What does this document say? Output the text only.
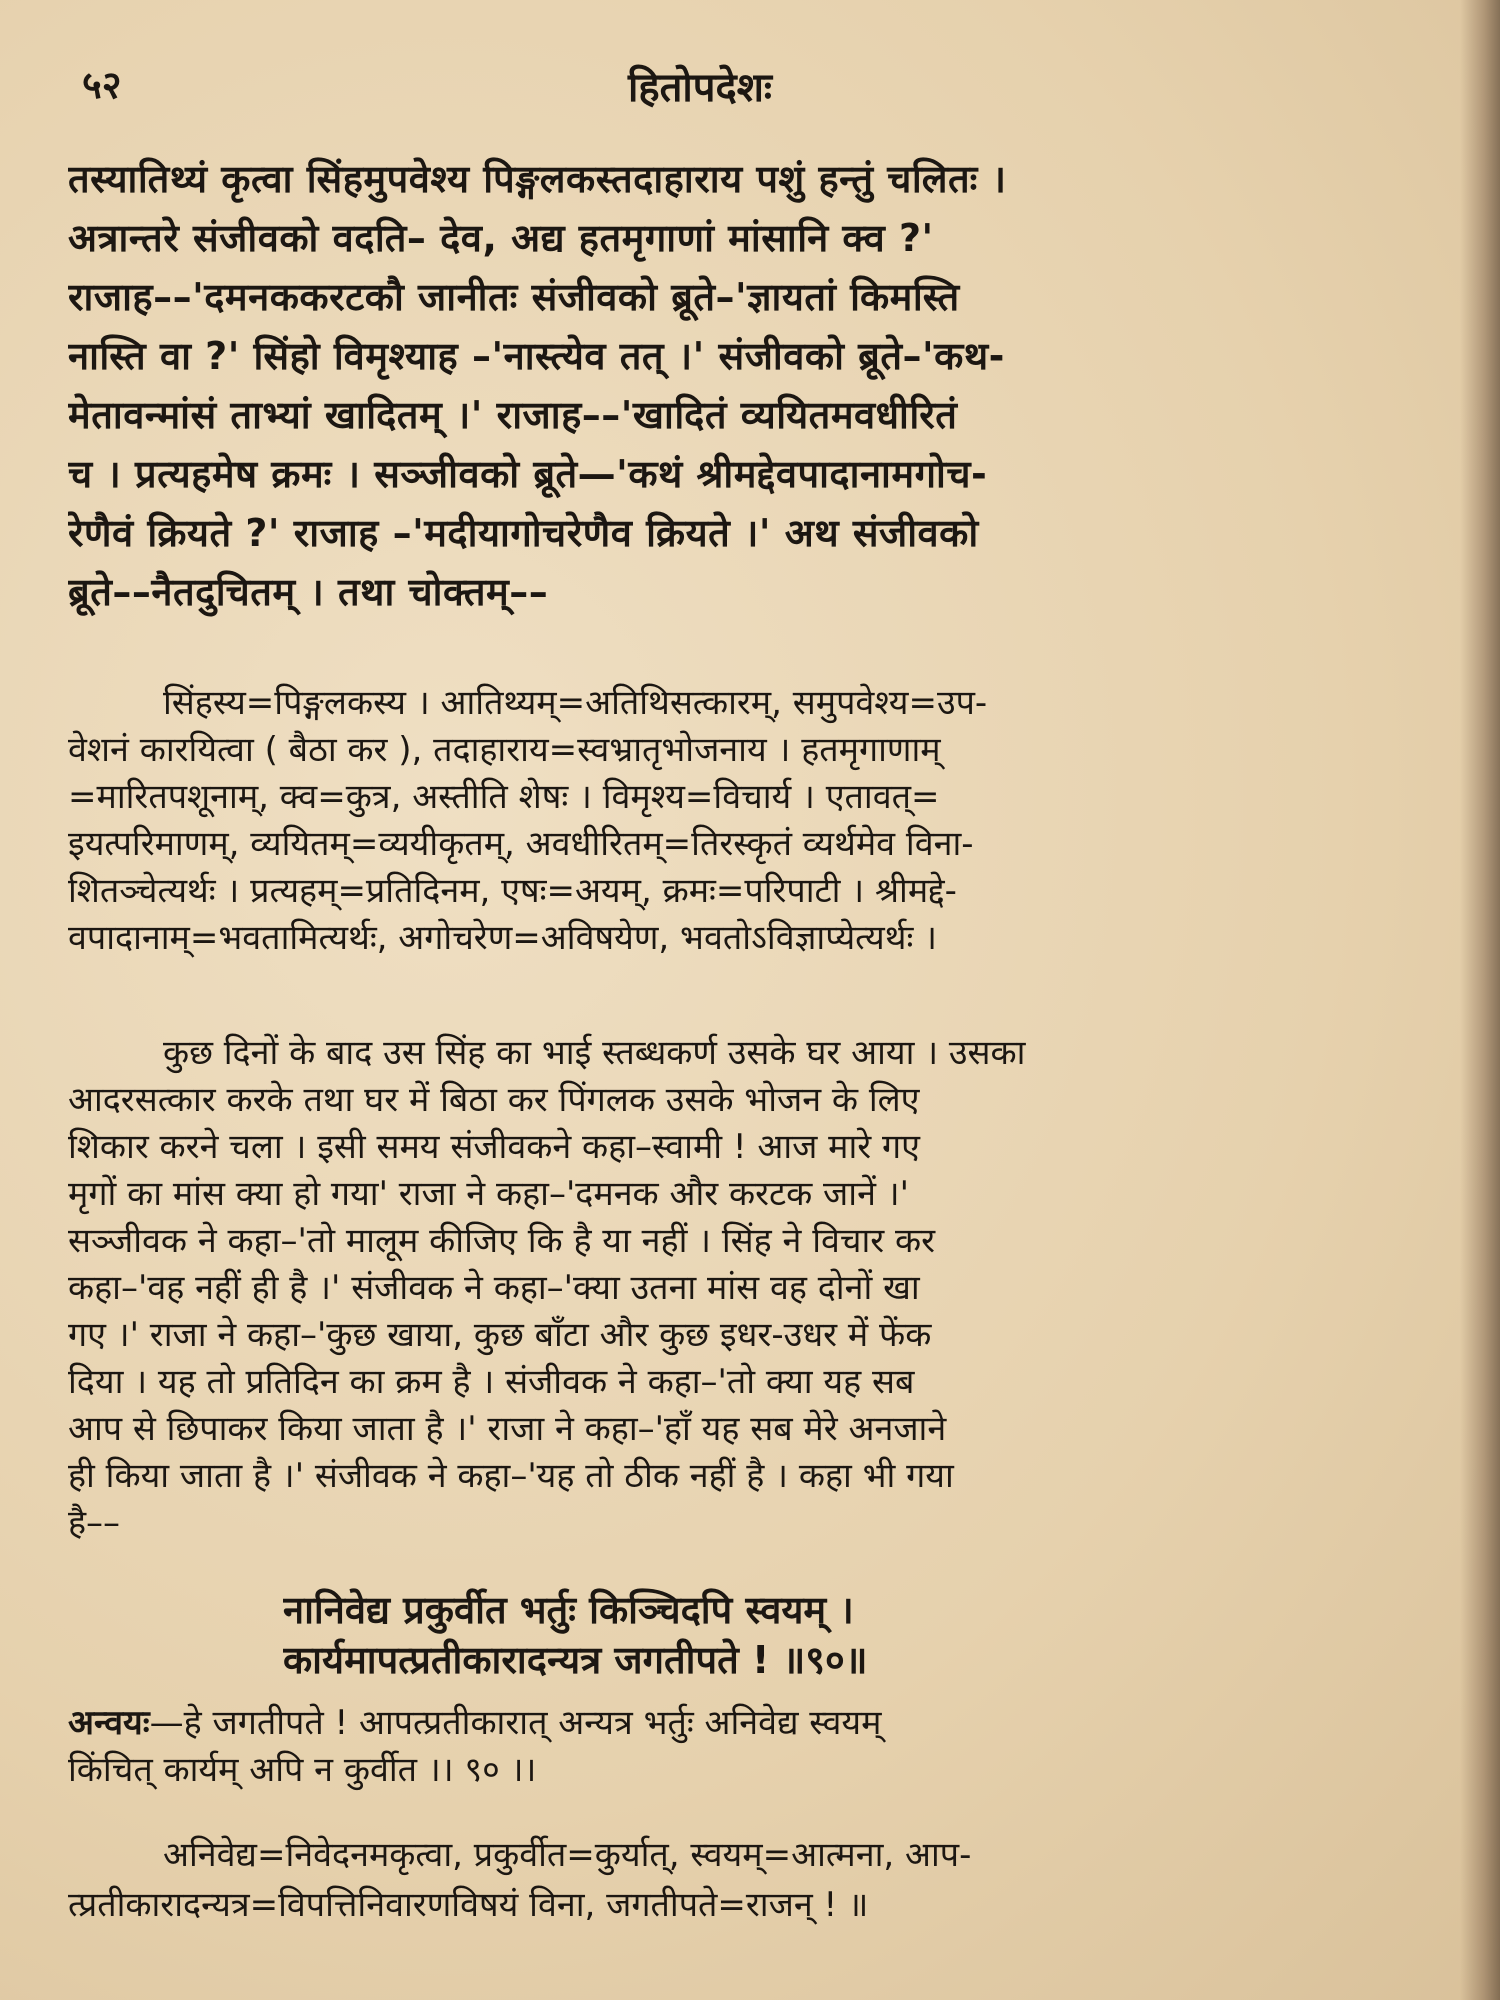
५२	हितोपदेशः
तस्यातिथ्यं कृत्वा सिंहमुपवेश्य पिङ्गलकस्तदाहाराय पशुं हन्तुं चलितः ।
अत्रान्तरे संजीवको वदति– देव, अद्य हतमृगाणां मांसानि क्व ?'
राजाह––'दमनककरटकौ जानीतः संजीवको ब्रूते–'ज्ञायतां किमस्ति
नास्ति वा ?' सिंहो विमृश्याह –'नास्त्येव तत् ।' संजीवको ब्रूते–'कथ-
मेतावन्मांसं ताभ्यां खादितम् ।' राजाह––'खादितं व्ययितमवधीरितं
च । प्रत्यहमेष क्रमः । सञ्जीवको ब्रूते—'कथं श्रीमद्देवपादानामगोच-
रेणैवं क्रियते ?' राजाह –'मदीयागोचरेणैव क्रियते ।' अथ संजीवको
ब्रूते––नैतदुचितम् । तथा चोक्तम्––
सिंहस्य=पिङ्गलकस्य । आतिथ्यम्=अतिथिसत्कारम्, समुपवेश्य=उप-
वेशनं कारयित्वा ( बैठा कर ), तदाहाराय=स्वभ्रातृभोजनाय । हतमृगाणाम्
=मारितपशूनाम्, क्व=कुत्र, अस्तीति शेषः । विमृश्य=विचार्य । एतावत्=
इयत्परिमाणम्, व्ययितम्=व्ययीकृतम्, अवधीरितम्=तिरस्कृतं व्यर्थमेव विना-
शितञ्चेत्यर्थः । प्रत्यहम्=प्रतिदिनम, एषः=अयम्, क्रमः=परिपाटी । श्रीमद्दे-
वपादानाम्=भवतामित्यर्थः, अगोचरेण=अविषयेण, भवतोऽविज्ञाप्येत्यर्थः ।
कुछ दिनों के बाद उस सिंह का भाई स्तब्धकर्ण उसके घर आया । उसका
आदरसत्कार करके तथा घर में बिठा कर पिंगलक उसके भोजन के लिए
शिकार करने चला । इसी समय संजीवकने कहा–स्वामी ! आज मारे गए
मृगों का मांस क्या हो गया' राजा ने कहा–'दमनक और करटक जानें ।'
सञ्जीवक ने कहा–'तो मालूम कीजिए कि है या नहीं । सिंह ने विचार कर
कहा–'वह नहीं ही है ।' संजीवक ने कहा–'क्या उतना मांस वह दोनों खा
गए ।' राजा ने कहा–'कुछ खाया, कुछ बाँटा और कुछ इधर-उधर में फेंक
दिया । यह तो प्रतिदिन का क्रम है । संजीवक ने कहा–'तो क्या यह सब
आप से छिपाकर किया जाता है ।' राजा ने कहा–'हाँ यह सब मेरे अनजाने
ही किया जाता है ।' संजीवक ने कहा–'यह तो ठीक नहीं है । कहा भी गया
है––
नानिवेद्य प्रकुर्वीत भर्तुः किञ्चिदपि स्वयम् ।
कार्यमापत्प्रतीकारादन्यत्र जगतीपते ! ॥९०॥
अन्वयः—हे जगतीपते ! आपत्प्रतीकारात् अन्यत्र भर्तुः अनिवेद्य स्वयम्
किंचित् कार्यम् अपि न कुर्वीत ।। ९० ।।
अनिवेद्य=निवेदनमकृत्वा, प्रकुर्वीत=कुर्यात्, स्वयम्=आत्मना, आप-
त्प्रतीकारादन्यत्र=विपत्तिनिवारणविषयं विना, जगतीपते=राजन् ! ॥
